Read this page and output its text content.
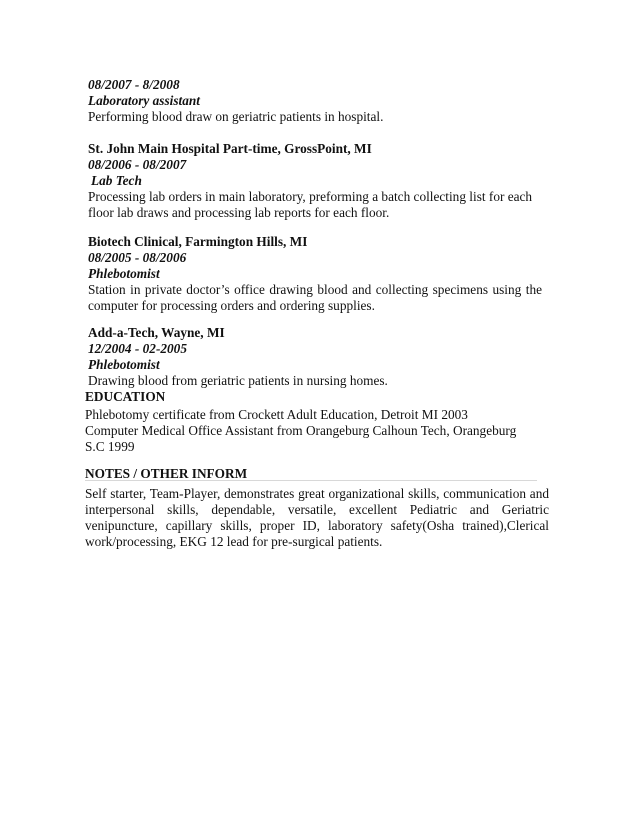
08/2007 - 8/2008
Laboratory assistant
Performing blood draw on geriatric patients in hospital.
St. John Main Hospital Part-time, GrossPoint, MI
08/2006 - 08/2007
Lab Tech
Processing lab orders in main laboratory, preforming a batch collecting list for each floor lab draws and processing lab reports for each floor.
Biotech Clinical, Farmington Hills, MI
08/2005 - 08/2006
Phlebotomist
Station in private doctor’s office drawing blood and collecting specimens using the computer for processing orders and ordering supplies.
Add-a-Tech, Wayne, MI
12/2004 - 02-2005
Phlebotomist
Drawing blood from geriatric patients in nursing homes.
EDUCATION
Phlebotomy certificate from Crockett Adult Education, Detroit MI 2003
Computer Medical Office Assistant from Orangeburg Calhoun Tech, Orangeburg S.C 1999
NOTES / OTHER INFORM
Self starter, Team-Player, demonstrates great organizational skills, communication and interpersonal skills, dependable, versatile, excellent Pediatric and Geriatric venipuncture, capillary skills, proper ID, laboratory safety(Osha trained),Clerical work/processing, EKG 12 lead for pre-surgical patients.
